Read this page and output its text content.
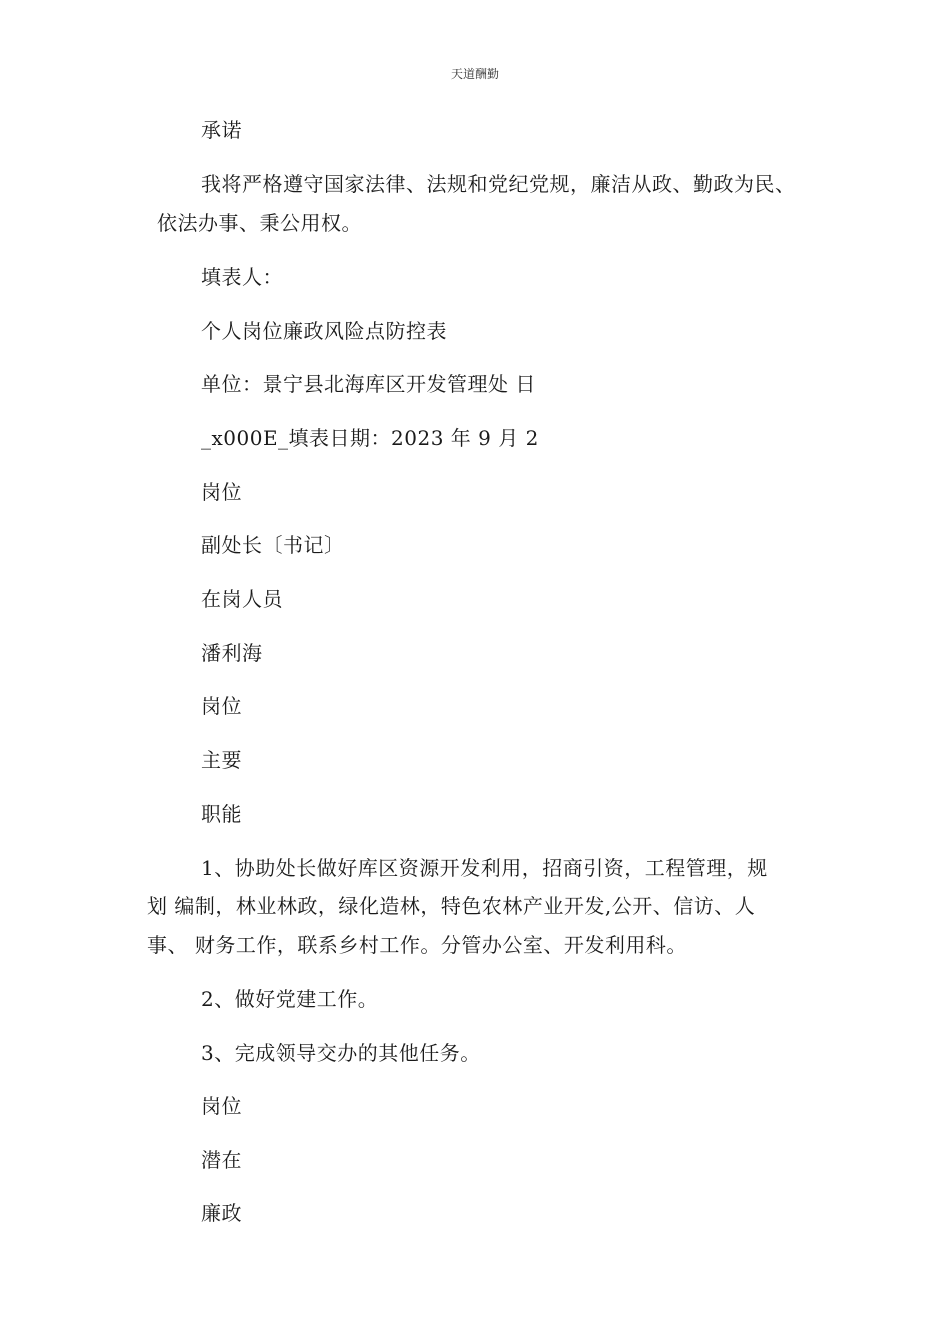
天道酬勤
承诺
我将严格遵守国家法律、法规和党纪党规，廉洁从政、勤政为民、
依法办事、秉公用权。
填表人：
个人岗位廉政风险点防控表
单位：景宁县北海库区开发管理处 日
_x000E_填表日期：2023 年 9 月 2
岗位
副处长〔书记〕
在岗人员
潘利海
岗位
主要
职能
1、协助处长做好库区资源开发利用，招商引资，工程管理，规
划 编制，林业林政，绿化造林，特色农林产业开发,公开、信访、人
事、 财务工作，联系乡村工作。分管办公室、开发利用科。
2、做好党建工作。
3、完成领导交办的其他任务。
岗位
潜在
廉政
